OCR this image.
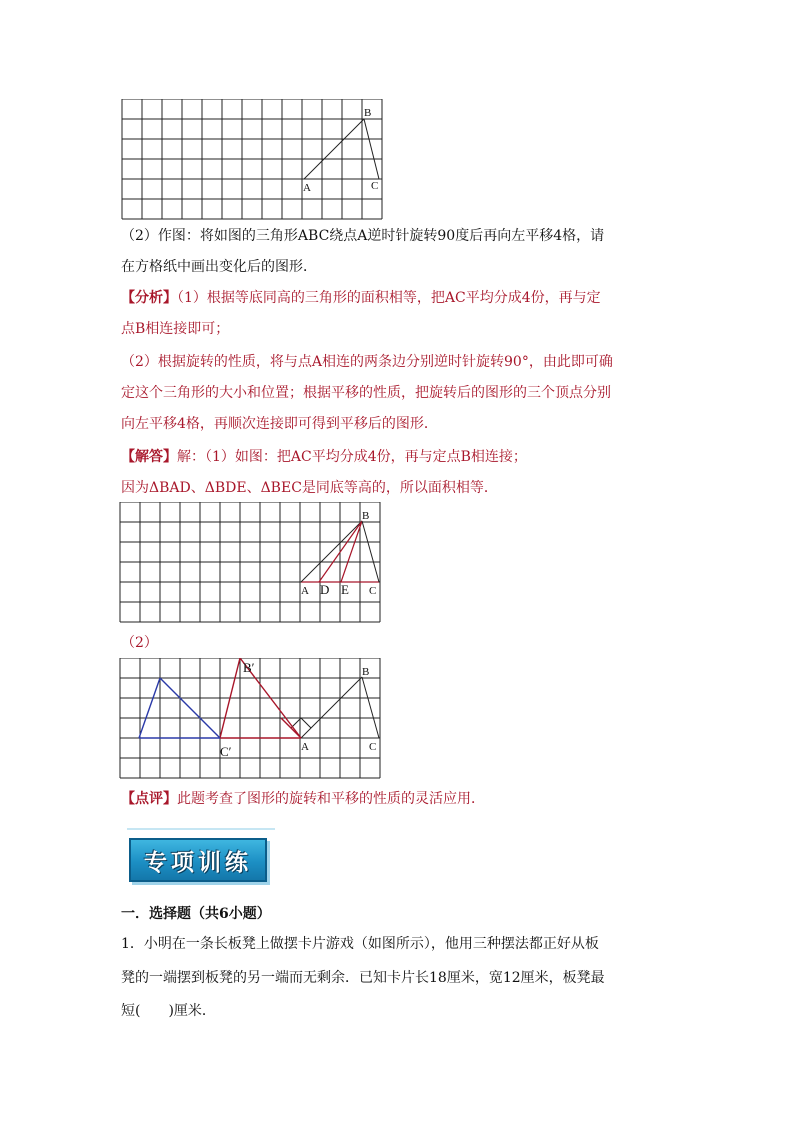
B
A	C
（2）作图：将如图的三角形ABC绕点A逆时针旋转90度后再向左平移4格，请
在方格纸中画出变化后的图形．
【分析】（1）根据等底同高的三角形的面积相等，把AC平均分成4份，再与定
点B相连接即可；
（2）根据旋转的性质，将与点A相连的两条边分别逆时针旋转90°，由此即可确
定这个三角形的大小和位置；根据平移的性质，把旋转后的图形的三个顶点分别
向左平移4格，再顺次连接即可得到平移后的图形．
【解答】解：（1）如图：把AC平均分成4份，再与定点B相连接；
因为ΔBAD、ΔBDE、ΔBEC是同底等高的，所以面积相等．
B
A D E C
（2）
B′
C′	A
B
C
【点评】此题考查了图形的旋转和平移的性质的灵活应用．
专项训练
一．选择题（共6小题）
1．小明在一条长板凳上做摆卡片游戏（如图所示），他用三种摆法都正好从板
凳的一端摆到板凳的另一端而无剩余．已知卡片长18厘米，宽12厘米，板凳最
短(　　)厘米．
